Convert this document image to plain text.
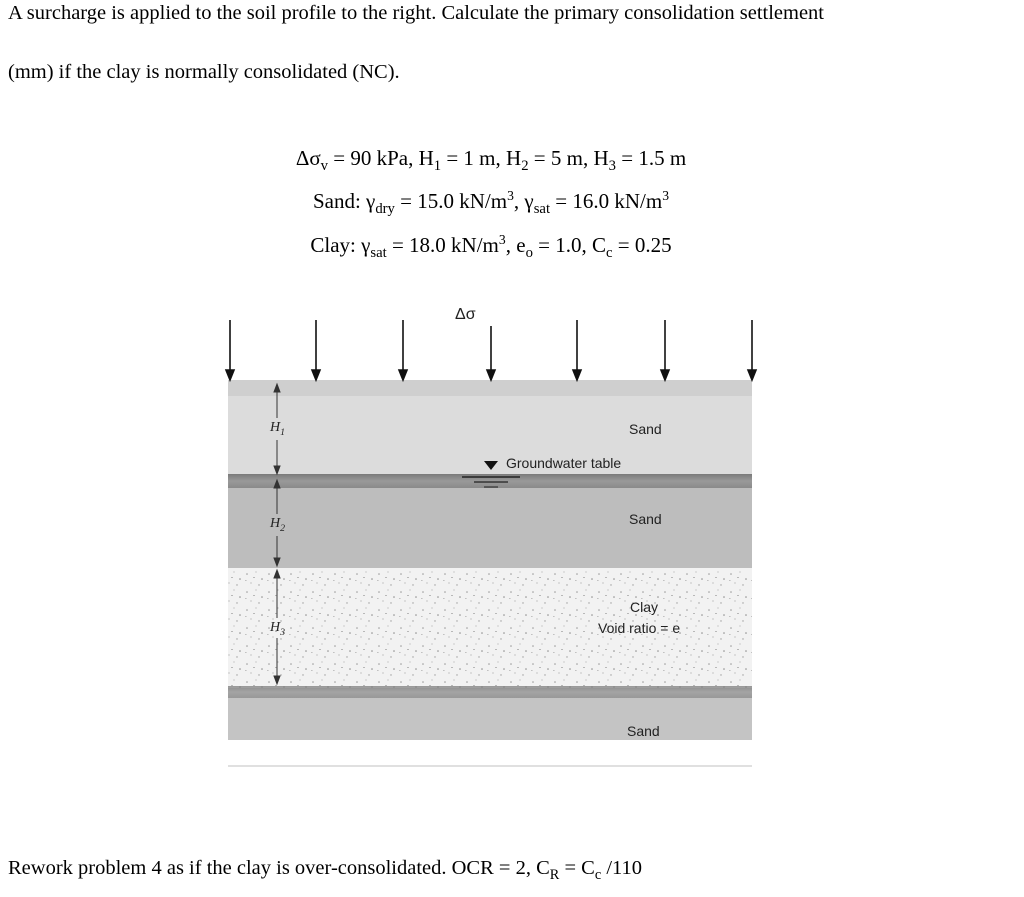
A surcharge is applied to the soil profile to the right. Calculate the primary consolidation settlement
(mm) if the clay is normally consolidated (NC).
$\Delta\sigma_v = 90$ kPa, $H_1 = 1$ m, $H_2 = 5$ m, $H_3 = 1.5$ m
Sand: $\gamma_{dry} = 15.0$ $kN/m^3$, $\gamma_{sat} = 16.0$ $kN/m^3$
Clay: $\gamma_{sat} = 18.0$ $kN/m^3$, $e_o = 1.0$, $C_c = 0.25$
Δσ
$H_1$
$H_2$
$H_3$
Sand
Groundwater table
Sand
Clay
Void ratio = e
Sand
Rework problem 4 as if the clay is over-consolidated. OCR = 2, $C_R = C_c$ /110
